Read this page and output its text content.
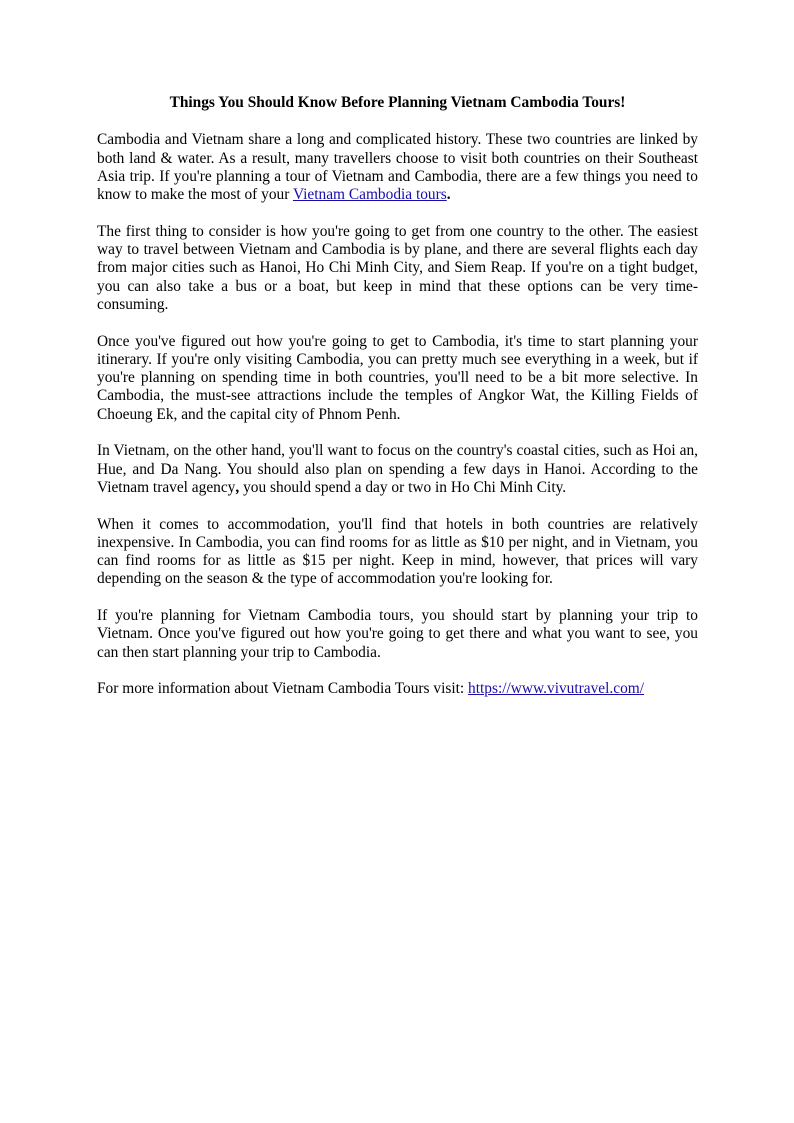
Things You Should Know Before Planning Vietnam Cambodia Tours!

Cambodia and Vietnam share a long and complicated history. These two countries are linked by both land & water. As a result, many travellers choose to visit both countries on their Southeast Asia trip. If you're planning a tour of Vietnam and Cambodia, there are a few things you need to know to make the most of your Vietnam Cambodia tours.

The first thing to consider is how you're going to get from one country to the other. The easiest way to travel between Vietnam and Cambodia is by plane, and there are several flights each day from major cities such as Hanoi, Ho Chi Minh City, and Siem Reap. If you're on a tight budget, you can also take a bus or a boat, but keep in mind that these options can be very time-consuming.

Once you've figured out how you're going to get to Cambodia, it's time to start planning your itinerary. If you're only visiting Cambodia, you can pretty much see everything in a week, but if you're planning on spending time in both countries, you'll need to be a bit more selective. In Cambodia, the must-see attractions include the temples of Angkor Wat, the Killing Fields of Choeung Ek, and the capital city of Phnom Penh.

In Vietnam, on the other hand, you'll want to focus on the country's coastal cities, such as Hoi an, Hue, and Da Nang. You should also plan on spending a few days in Hanoi. According to the Vietnam travel agency, you should spend a day or two in Ho Chi Minh City.

When it comes to accommodation, you'll find that hotels in both countries are relatively inexpensive. In Cambodia, you can find rooms for as little as $10 per night, and in Vietnam, you can find rooms for as little as $15 per night. Keep in mind, however, that prices will vary depending on the season & the type of accommodation you're looking for.

If you're planning for Vietnam Cambodia tours, you should start by planning your trip to Vietnam. Once you've figured out how you're going to get there and what you want to see, you can then start planning your trip to Cambodia.

For more information about Vietnam Cambodia Tours visit: https://www.vivutravel.com/
